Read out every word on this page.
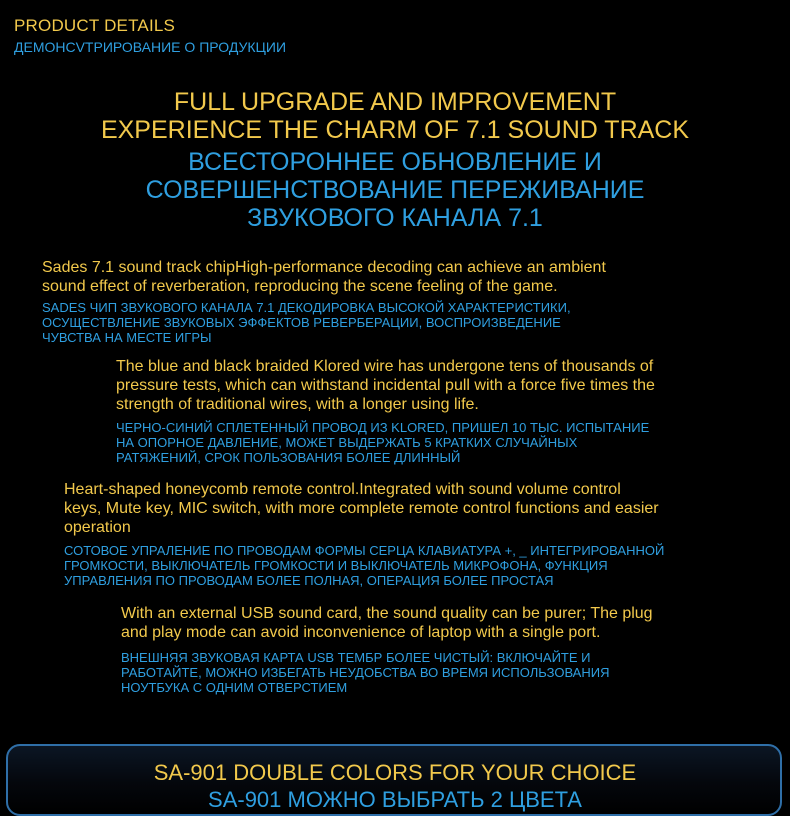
PRODUCT DETAILS
ДЕМОНСVТРИРОВАНИЕ О ПРОДУКЦИИ
FULL UPGRADE AND IMPROVEMENT
EXPERIENCE THE CHARM OF 7.1 SOUND TRACK
ВСЕСТОРОННЕЕ ОБНОВЛЕНИЕ И
СОВЕРШЕНСТВОВАНИЕ ПЕРЕЖИВАНИЕ
ЗВУКОВОГО КАНАЛА 7.1
Sades 7.1 sound track chipHigh-performance decoding can achieve an ambient
sound effect of reverberation, reproducing the scene feeling of the game.
SADES ЧИП ЗВУКОВОГО КАНАЛА 7.1 ДЕКОДИРОВКА ВЫСОКОЙ ХАРАКТЕРИСТИКИ,
ОСУЩЕСТВЛЕНИЕ ЗВУКОВЫХ ЭФФЕКТОВ РЕВЕРБЕРАЦИИ, ВОСПРОИЗВЕДЕНИЕ
ЧУВСТВА НА МЕСТЕ ИГРЫ
The blue and black braided Klored wire has undergone tens of thousands of
pressure tests, which can withstand incidental pull with a force five times the
strength of traditional wires, with a longer using life.
ЧЕРНО-СИНИЙ СПЛЕТЕННЫЙ ПРОВОД ИЗ KLORED, ПРИШЕЛ 10 ТЫС. ИСПЫТАНИЕ
НА ОПОРНОЕ ДАВЛЕНИЕ, МОЖЕТ ВЫДЕРЖАТЬ 5 КРАТКИХ СЛУЧАЙНЫХ
РАТЯЖЕНИЙ, СРОК ПОЛЬЗОВАНИЯ БОЛЕЕ ДЛИННЫЙ
Heart-shaped honeycomb remote control.Integrated with sound volume control
keys, Mute key, MIC switch, with more complete remote control functions and easier
operation
СОТОВОЕ УПРАЛЕНИЕ ПО ПРОВОДАМ ФОРМЫ СЕРЦА КЛАВИАТУРА +, _ ИНТЕГРИРОВАННОЙ
ГРОМКОСТИ, ВЫКЛЮЧАТЕЛЬ ГРОМКОСТИ И ВЫКЛЮЧАТЕЛЬ МИКРОФОНА, ФУНКЦИЯ
УПРАВЛЕНИЯ ПО ПРОВОДАМ БОЛЕЕ ПОЛНАЯ, ОПЕРАЦИЯ БОЛЕЕ ПРОСТАЯ
With an external USB sound card, the sound quality can be purer; The plug
and play mode can avoid inconvenience of laptop with a single port.
ВНЕШНЯЯ ЗВУКОВАЯ КАРТА USB ТЕМБР БОЛЕЕ ЧИСТЫЙ: ВКЛЮЧАЙТЕ И
РАБОТАЙТЕ, МОЖНО ИЗБЕГАТЬ НЕУДОБСТВА ВО ВРЕМЯ ИСПОЛЬЗОВАНИЯ
НОУТБУКА С ОДНИМ ОТВЕРСТИЕМ
SA-901 DOUBLE COLORS FOR YOUR CHOICE
SA-901 МОЖНО ВЫБРАТЬ 2 ЦВЕТА
